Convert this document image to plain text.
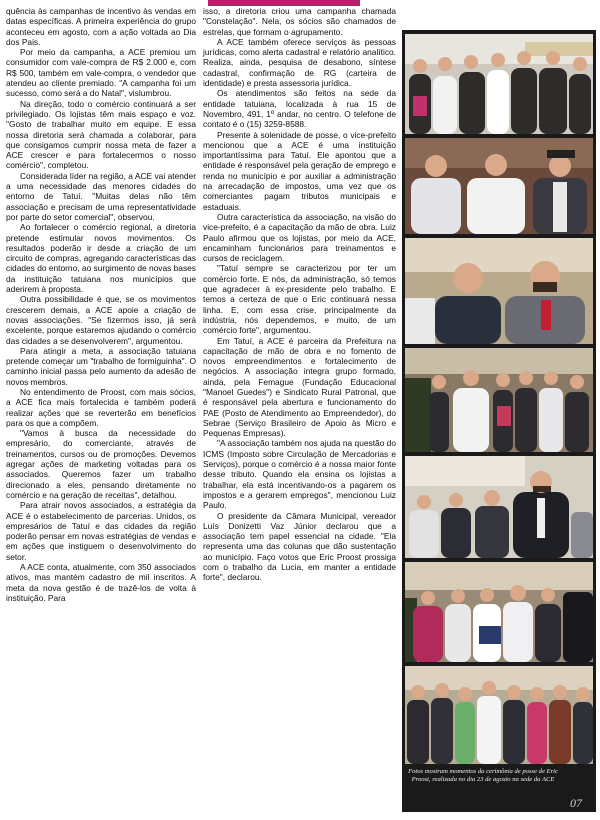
quência às campanhas de incentivo às vendas em datas específicas. A primeira experiência do grupo aconteceu em agosto, com a ação voltada ao Dia dos Pais.

Por meio da campanha, a ACE premiou um consumidor com vale-compra de R$ 2.000 e, com R$ 500, também em vale-compra, o vendedor que atendeu ao cliente premiado. "A campanha foi um sucesso, como será a do Natal", vislumbrou.

Na direção, todo o comércio continuará a ser privilegiado. Os lojistas têm mais espaço e voz. "Gosto de trabalhar muito em equipe. E essa nossa diretoria será chamada a colaborar, para que consigamos cumprir nossa meta de fazer a ACE crescer e para fortalecermos o nosso comércio", completou.

Considerada líder na região, a ACE vai atender a uma necessidade das menores cidades do entorno de Tatuí. "Muitas delas não têm associação e precisam de uma representatividade por parte do setor comercial", observou.

Ao fortalecer o comércio regional, a diretoria pretende estimular novos movimentos. Os resultados poderão ir desde a criação de um circuito de compras, agregando características das cidades do entorno, ao surgimento de novas bases da instituição tatuiana nos municípios que aderirem à proposta.

Outra possibilidade é que, se os movimentos crescerem demais, a ACE apoie a criação de novas associações. "Se fizermos isso, já será excelente, porque estaremos ajudando o comércio das cidades a se desenvolverem", argumentou.

Para atingir a meta, a associação tatuiana pretende começar um "trabalho de formiguinha". O caminho inicial passa pelo aumento da adesão de novos membros.

No entendimento de Proost, com mais sócios, a ACE fica mais fortalecida e também poderá realizar ações que se reverterão em benefícios para os que a compõem.

"Vamos à busca da necessidade do empresário, do comerciante, através de treinamentos, cursos ou de promoções. Devemos agregar ações de marketing voltadas para os associados. Queremos fazer um trabalho direcionado a eles, pensando diretamente no comércio e na geração de receitas", detalhou.

Para atrair novos associados, a estratégia da ACE é o estabelecimento de parcerias. Unidos, os empresários de Tatuí e das cidades da região poderão pensar em novas estratégias de vendas e em ações que instiguem o desenvolvimento do setor.

A ACE conta, atualmente, com 350 associados ativos, mas mantém cadastro de mil inscritos. A meta da nova gestão é de trazê-los de volta à instituição. Para

isso, a diretoria criou uma campanha chamada "Constelação". Nela, os sócios são chamados de estrelas, que formam o agrupamento.

A ACE também oferece serviços às pessoas jurídicas, como alerta cadastral e relatório analítico. Realiza, ainda, pesquisa de desabono, síntese cadastral, confirmação de RG (carteira de identidade) e presta assessoria jurídica.

Os atendimentos são feitos na sede da entidade tatuiana, localizada à rua 15 de Novembro, 491, 1º andar, no centro. O telefone de contato é o (15) 3259-8588.

Presente à solenidade de posse, o vice-prefeito mencionou que a ACE é uma instituição importantíssima para Tatuí. Ele apontou que a entidade é responsável pela geração de emprego e renda no município e por auxiliar a administração na arrecadação de impostos, uma vez que os comerciantes pagam tributos municipais e estaduais.

Outra característica da associação, na visão do vice-prefeito, é a capacitação da mão de obra. Luiz Paulo afirmou que os lojistas, por meio da ACE, encaminham funcionários para treinamentos e cursos de reciclagem.

"Tatuí sempre se caracterizou por ter um comércio forte. E nós, da administração, só temos que agradecer à ex-presidente pelo trabalho. E temos a certeza de que o Eric continuará nessa linha. E, com essa crise, principalmente da indústria, nós dependemos, e muito, de um comércio forte", argumentou.

Em Tatuí, a ACE é parceira da Prefeitura na capacitação de mão de obra e no fomento de novos empreendimentos e fortalecimento de negócios. A associação integra grupo formado, ainda, pela Femague (Fundação Educacional "Manoel Guedes") e Sindicato Rural Patronal, que é responsável pela abertura e funcionamento do PAE (Posto de Atendimento ao Empreendedor), do Sebrae (Serviço Brasileiro de Apoio às Micro e Pequenas Empresas).

"A associação também nos ajuda na questão do ICMS (Imposto sobre Circulação de Mercadorias e Serviços), porque o comércio é a nossa maior fonte desse tributo. Quando ela ensina os lojistas a trabalhar, ela está incentivando-os a pagarem os impostos e a gerarem empregos", mencionou Luiz Paulo.

O presidente da Câmara Municipal, vereador Luís Donizetti Vaz Júnior declarou que a associação tem papel essencial na cidade. "Ela representa uma das colunas que dão sustentação ao município. Faço votos que Eric Proost prossiga com o trabalho da Lucia, em manter a entidade forte", declarou.

Fotos mostram momentos da cerimônia de posse de Eric Proost, realizada no dia 23 de agosto na sede da ACE
07
